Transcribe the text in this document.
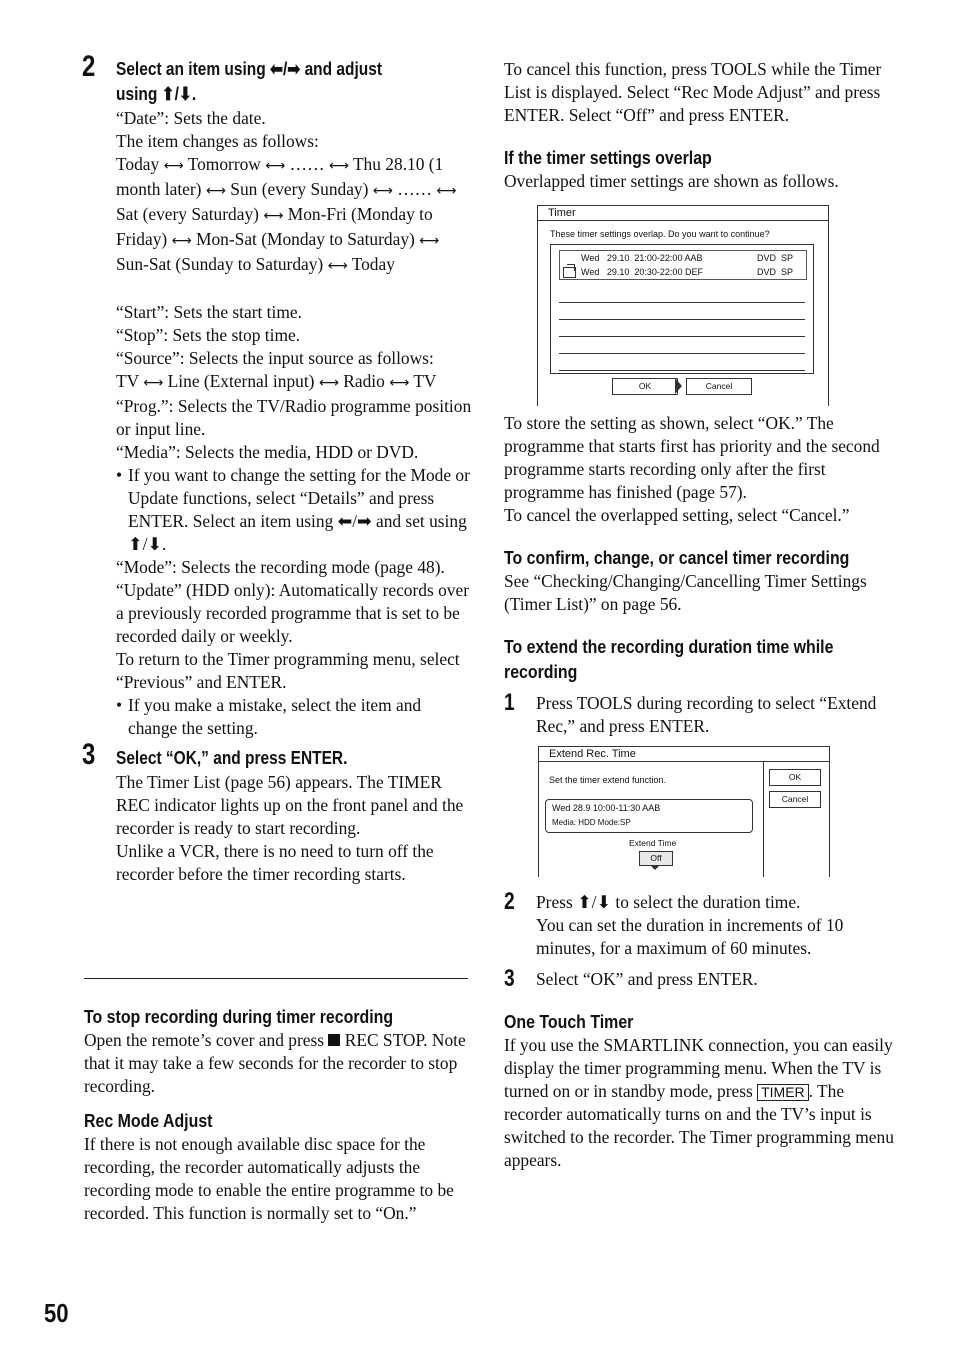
2 Select an item using ⬅/➡ and adjust

using ⬆/⬇.

“Date”: Sets the date.

The item changes as follows:

Today ⟷ Tomorrow ⟷ …… ⟷ Thu 28.10 (1 month later) ⟷ Sun (every Sunday) ⟷ …… ⟷ Sat (every Saturday) ⟷ Mon-Fri (Monday to Friday) ⟷ Mon-Sat (Monday to Saturday) ⟷ Sun-Sat (Sunday to Saturday) ⟷ Today

“Start”: Sets the start time.

“Stop”: Sets the stop time.

“Source”: Selects the input source as follows:

TV ⟷ Line (External input) ⟷ Radio ⟷ TV

“Prog.”: Selects the TV/Radio programme position or input line.

“Media”: Selects the media, HDD or DVD.

• If you want to change the setting for the Mode or Update functions, select “Details” and press ENTER. Select an item using ⬅/➡ and set using ⬆/⬇.

“Mode”: Selects the recording mode (page 48).

“Update” (HDD only): Automatically records over a previously recorded programme that is set to be recorded daily or weekly.

To return to the Timer programming menu, select “Previous” and ENTER.

• If you make a mistake, select the item and change the setting.
3 Select “OK,” and press ENTER.

The Timer List (page 56) appears. The TIMER REC indicator lights up on the front panel and the recorder is ready to start recording.

Unlike a VCR, there is no need to turn off the recorder before the timer recording starts.

To stop recording during timer recording

Open the remote’s cover and press REC STOP. Note that it may take a few seconds for the recorder to stop recording.

Rec Mode Adjust

If there is not enough available disc space for the recording, the recorder automatically adjusts the recording mode to enable the entire programme to be recorded. This function is normally set to “On.”

To cancel this function, press TOOLS while the Timer List is displayed. Select “Rec Mode Adjust” and press ENTER. Select “Off” and press ENTER.

If the timer settings overlap

Overlapped timer settings are shown as follows.

Timer
These timer settings overlap. Do you want to continue?
Wed 29.10 21:00-22:00 AAB	DVD SP
Wed 29.10 20:30-22:00 DEF	DVD SP
OK	Cancel

To store the setting as shown, select “OK.” The programme that starts first has priority and the second programme starts recording only after the first programme has finished (page 57).

To cancel the overlapped setting, select “Cancel.”

To confirm, change, or cancel timer recording

See “Checking/Changing/Cancelling Timer Settings (Timer List)” on page 56.

To extend the recording duration time while

recording

1	Press TOOLS during recording to select “Extend Rec,” and press ENTER.

Extend Rec. Time
Set the timer extend function.	OK
Cancel
Wed 28.9 10:00-11:30 AAB
Media: HDD Mode:SP
Extend Time
Off
2	Press ⬆/⬇ to select the duration time.

You can set the duration in increments of 10 minutes, for a maximum of 60 minutes.

3	Select “OK” and press ENTER.

One Touch Timer

If you use the SMARTLINK connection, you can easily display the timer programming menu. When the TV is turned on or in standby mode, press TIMER . The recorder automatically turns on and the TV’s input is switched to the recorder. The Timer programming menu appears.

50
